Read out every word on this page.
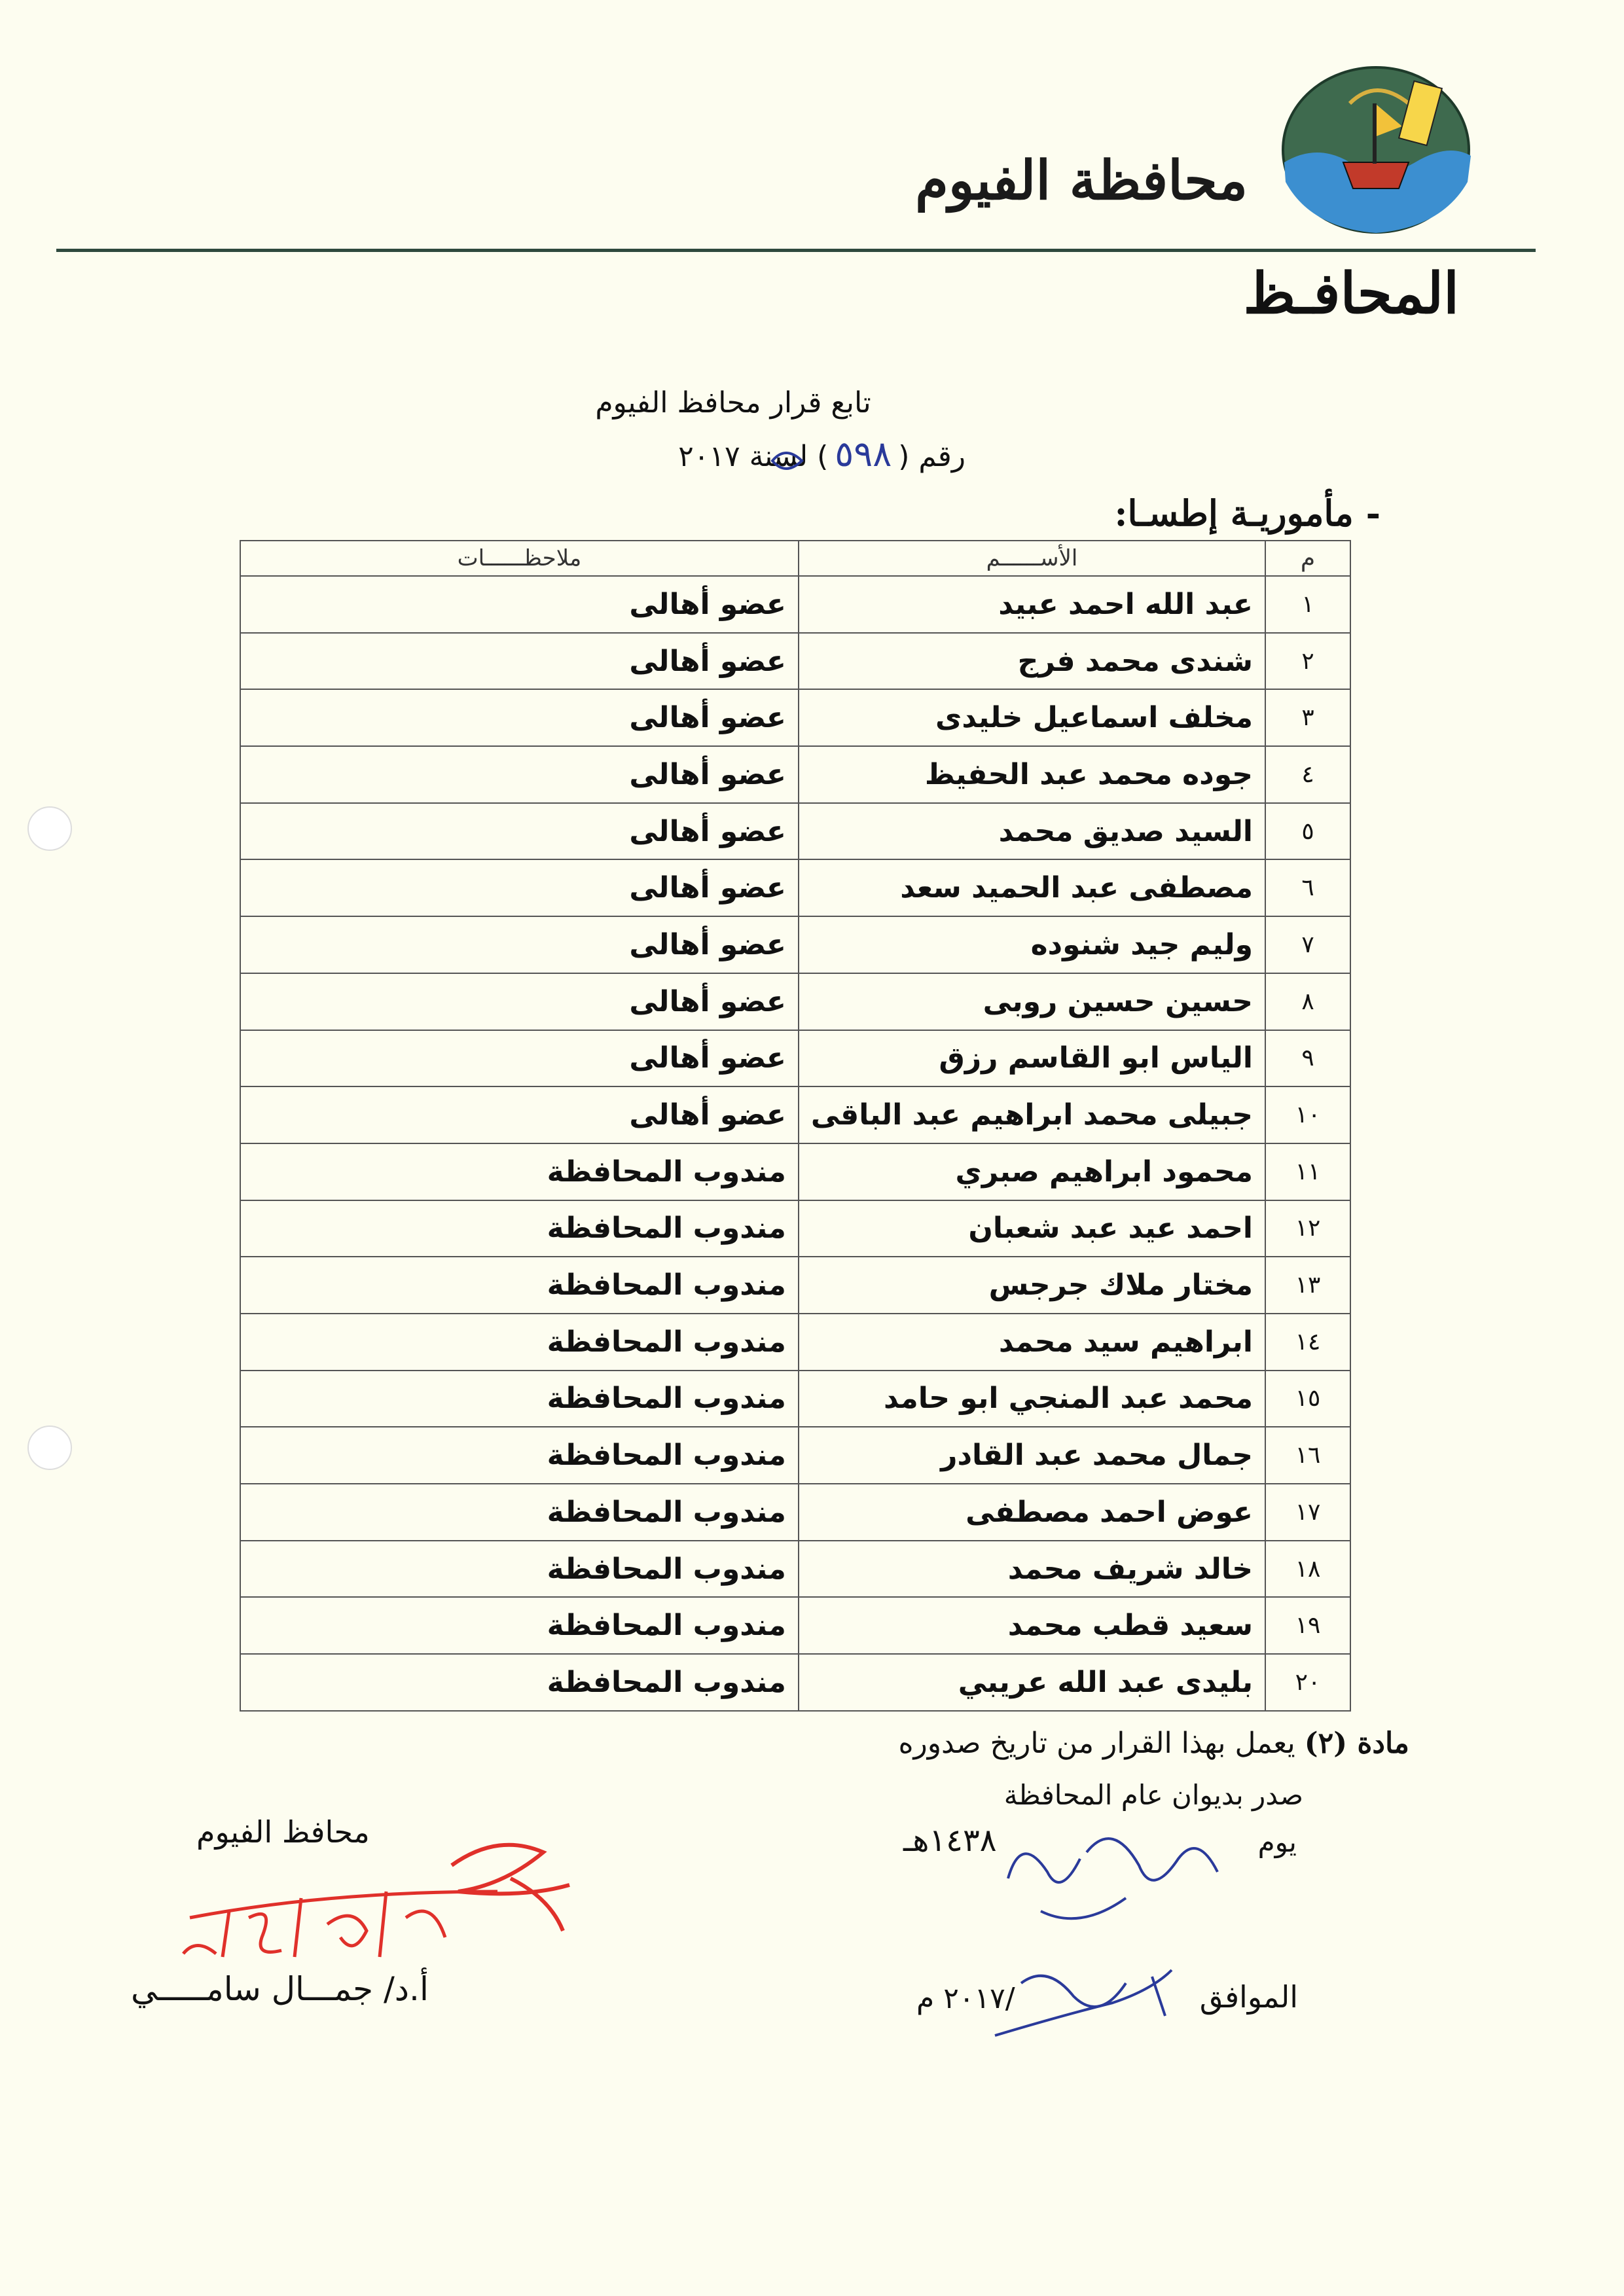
محافظة الفيوم
المحافـظ
تابع قرار محافظ الفيوم
رقم (٥٩٨) لسنة ٢٠١٧
- مأموريـة إطسـا:
م	الأســــــم	ملاحظــــــات
١	عبد الله احمد عبيد	عضو أهالى
٢	شندى محمد فرج	عضو أهالى
٣	مخلف اسماعيل خليدى	عضو أهالى
٤	جوده محمد عبد الحفيظ	عضو أهالى
٥	السيد صديق محمد	عضو أهالى
٦	مصطفى عبد الحميد سعد	عضو أهالى
٧	وليم جيد شنوده	عضو أهالى
٨	حسين حسين روبى	عضو أهالى
٩	الياس ابو القاسم رزق	عضو أهالى
١٠	جبيلى محمد ابراهيم عبد الباقى	عضو أهالى
١١	محمود ابراهيم صبري	مندوب المحافظة
١٢	احمد عيد عبد شعبان	مندوب المحافظة
١٣	مختار ملاك جرجس	مندوب المحافظة
١٤	ابراهيم سيد محمد	مندوب المحافظة
١٥	محمد عبد المنجي ابو حامد	مندوب المحافظة
١٦	جمال محمد عبد القادر	مندوب المحافظة
١٧	عوض احمد مصطفى	مندوب المحافظة
١٨	خالد شريف محمد	مندوب المحافظة
١٩	سعيد قطب محمد	مندوب المحافظة
٢٠	بليدى عبد الله عريبي	مندوب المحافظة
مادة (٢) يعمل بهذا القرار من تاريخ صدوره
صدر بديوان عام المحافظة
يوم
١٤٣٨هـ
الموافق
/٢٠١٧ م
محافظ الفيوم
أ.د/ جمـــال سامـــــي
